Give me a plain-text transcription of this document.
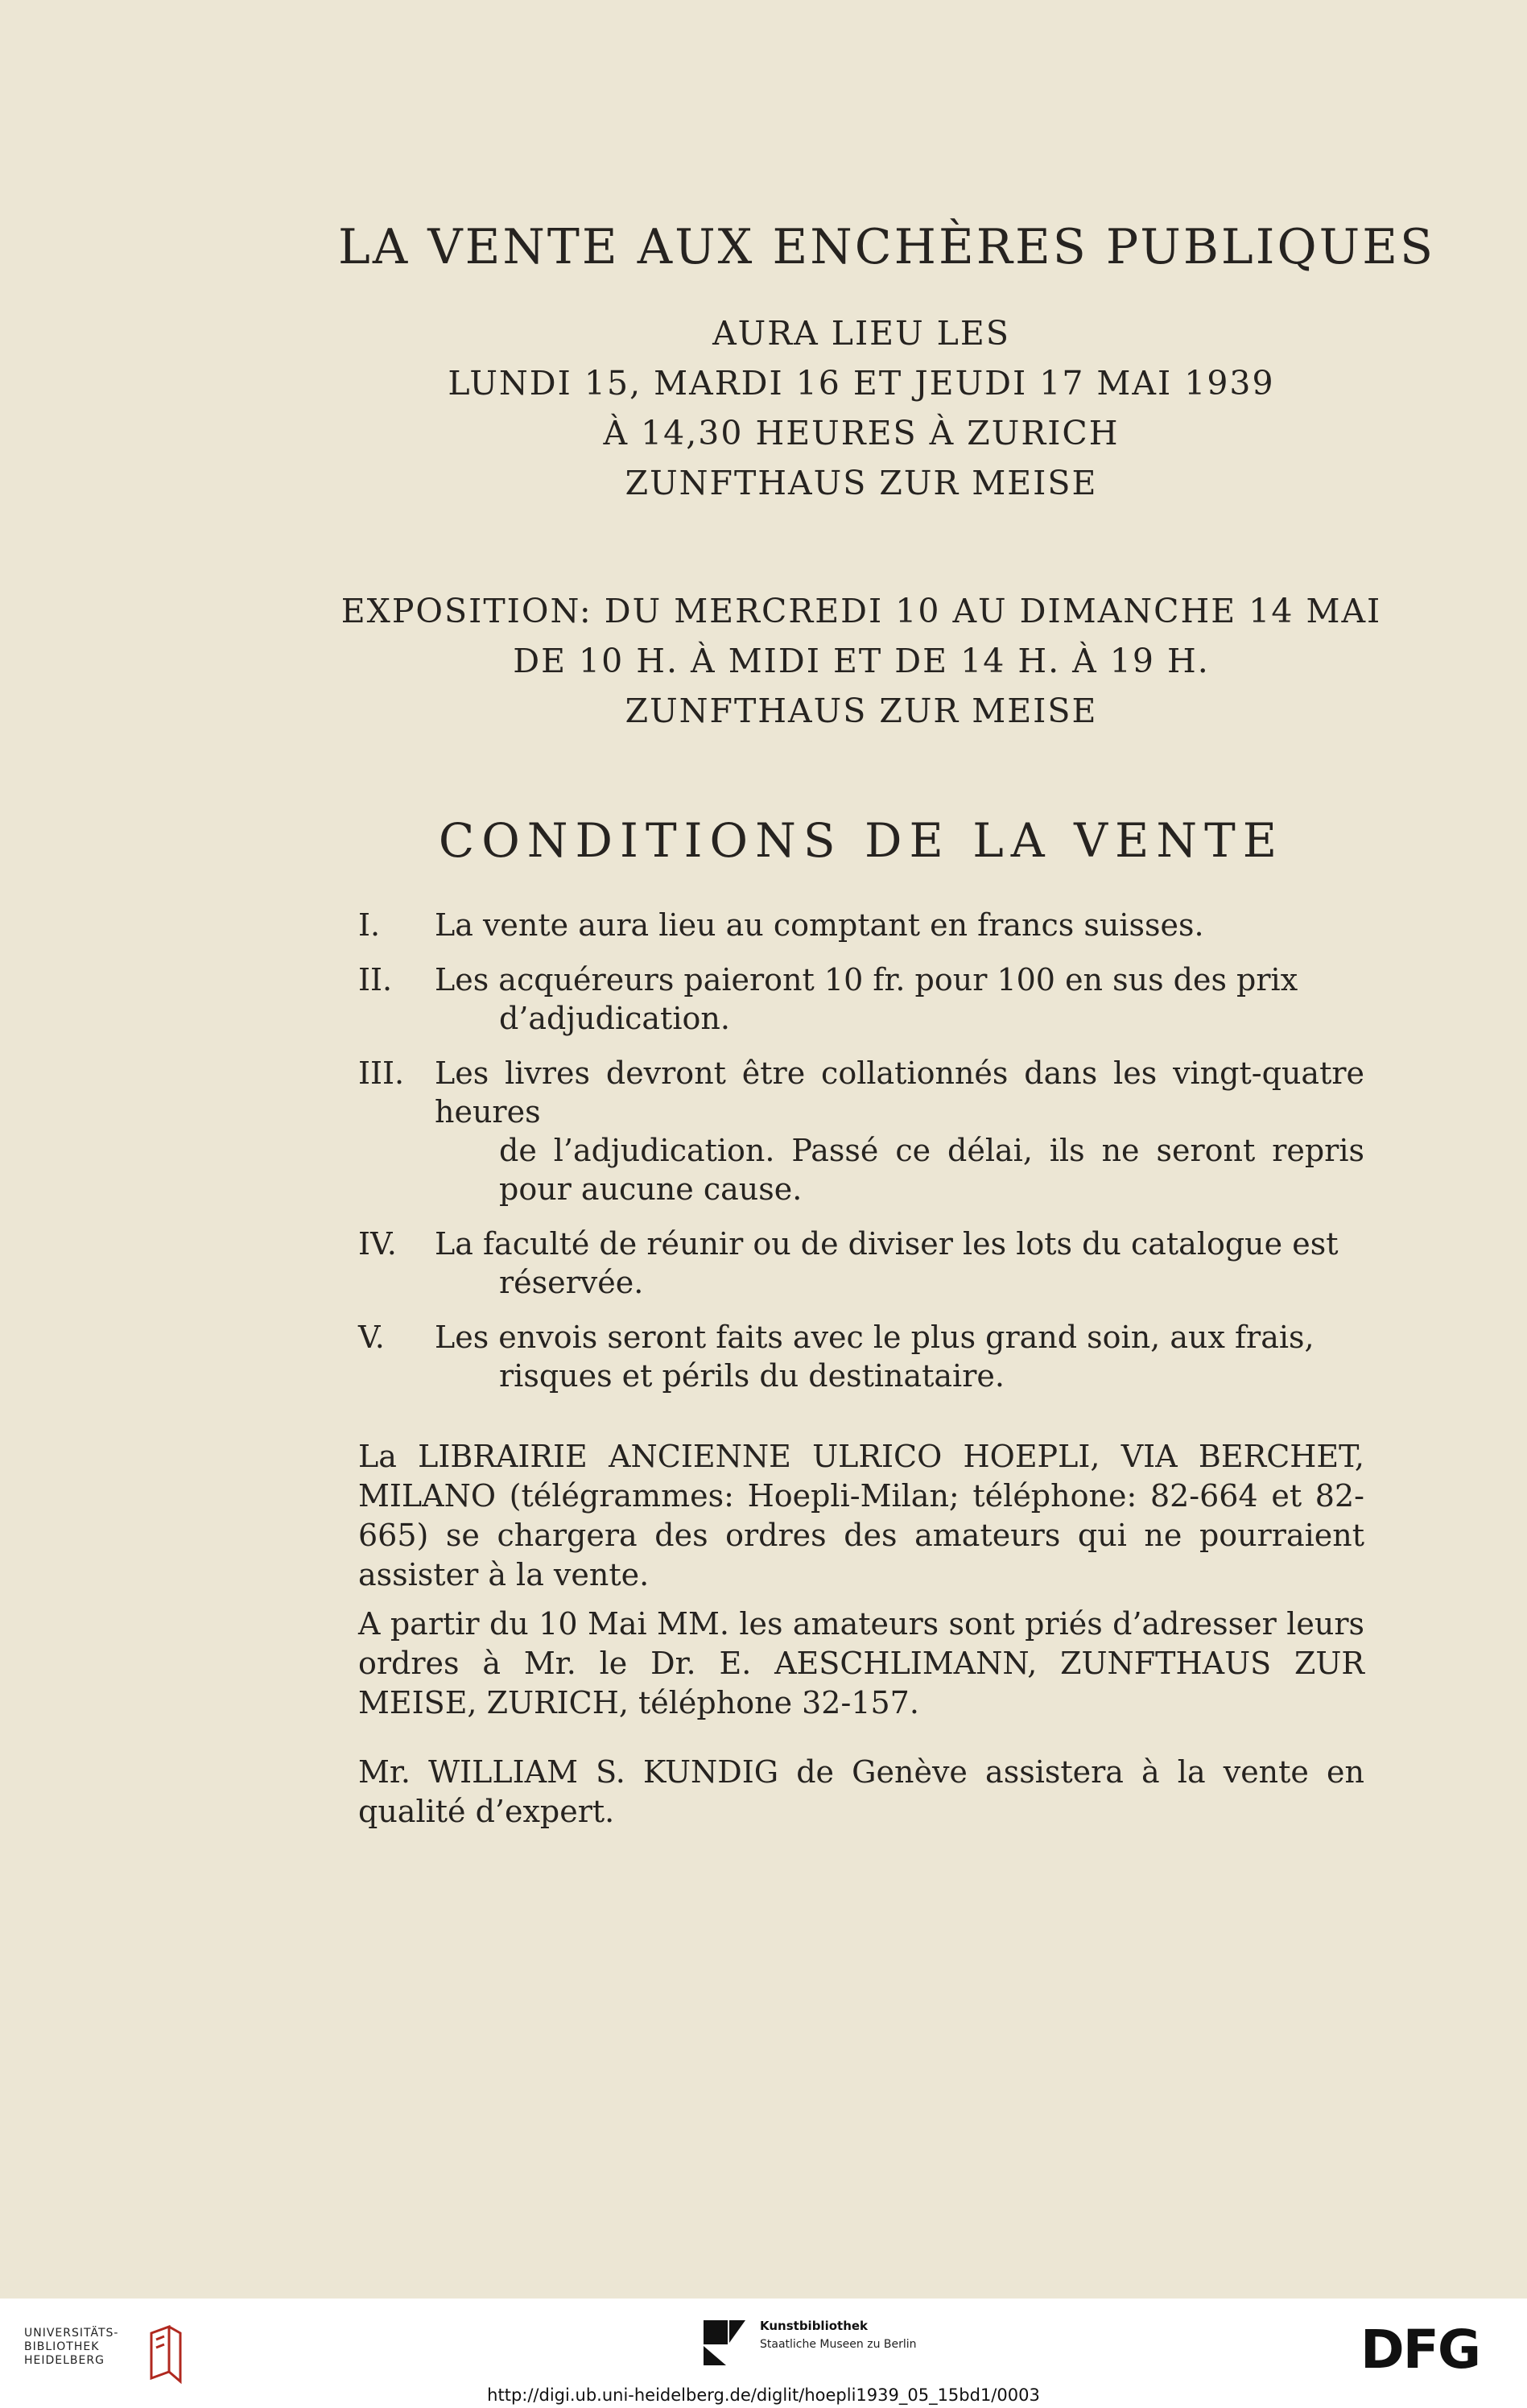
LA VENTE AUX ENCHÈRES PUBLIQUES
AURA LIEU LES
LUNDI 15, MARDI 16 ET JEUDI 17 MAI 1939
À 14,30 HEURES À ZURICH
ZUNFTHAUS ZUR MEISE
EXPOSITION: DU MERCREDI 10 AU DIMANCHE 14 MAI
DE 10 H. À MIDI ET DE 14 H. À 19 H.
ZUNFTHAUS ZUR MEISE
CONDITIONS DE LA VENTE
I. La vente aura lieu au comptant en francs suisses.
II. Les acquéreurs paieront 10 fr. pour 100 en sus des prix
d’adjudication.
III. Les livres devront être collationnés dans les vingt-quatre heures
de l’adjudication. Passé ce délai, ils ne seront repris pour aucune cause.
IV. La faculté de réunir ou de diviser les lots du catalogue est
réservée.
V. Les envois seront faits avec le plus grand soin, aux frais,
risques et périls du destinataire.
La LIBRAIRIE ANCIENNE ULRICO HOEPLI, VIA BERCHET, MILANO (télégrammes: Hoepli-Milan; téléphone: 82-664 et 82-665) se chargera des ordres des amateurs qui ne pourraient assister à la vente.
A partir du 10 Mai MM. les amateurs sont priés d’adresser leurs ordres à Mr. le Dr. E. AESCHLIMANN, ZUNFTHAUS ZUR MEISE, ZURICH, téléphone 32-157.
Mr. WILLIAM S. KUNDIG de Genève assistera à la vente en qualité d’expert.
UNIVERSITÄTS-
BIBLIOTHEK
HEIDELBERG
Kunstbibliothek
Staatliche Museen zu Berlin	DFG
http://digi.ub.uni-heidelberg.de/diglit/hoepli1939_05_15bd1/0003
